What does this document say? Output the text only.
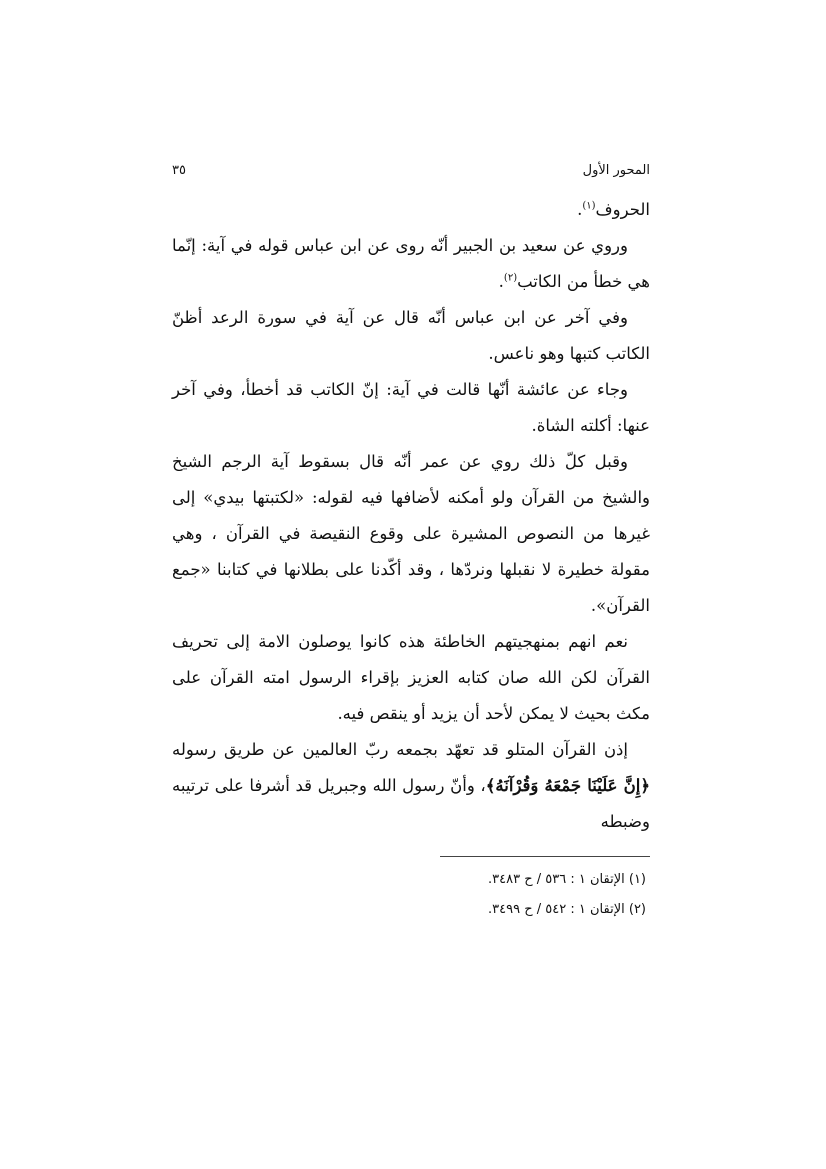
المحور الأول
٣٥

الحروف$^{(١)}$.

وروي عن سعيد بن الجبير أنّه روى عن ابن عباس قوله في آية: إنّما هي خطأ من الكاتب$^{(٢)}$.

وفي آخر عن ابن عباس أنّه قال عن آية في سورة الرعد أظنّ الكاتب كتبها وهو ناعس.

وجاء عن عائشة أنّها قالت في آية: إنّ الكاتب قد أخطأ، وفي آخر عنها: أكلته الشاة.

وقبل كلّ ذلك روي عن عمر أنّه قال بسقوط آية الرجم الشيخ والشيخ من القرآن ولو أمكنه لأضافها فيه لقوله: «لكتبتها بيدي» إلى غيرها من النصوص المشيرة على وقوع النقيصة في القرآن ، وهي مقولة خطيرة لا نقبلها ونردّها ، وقد أكّدنا على بطلانها في كتابنا «جمع القرآن».

نعم انهم بمنهجيتهم الخاطئة هذه كانوا يوصلون الامة إلى تحريف القرآن لكن الله صان كتابه العزيز بإقراء الرسول امته القرآن على مكث بحيث لا يمكن لأحد أن يزيد أو ينقص فيه.

إذن القرآن المتلو قد تعهّد بجمعه ربّ العالمين عن طريق رسوله ﴿إِنَّ عَلَيْنَا جَمْعَهُ وَقُرْآنَهُ﴾، وأنّ رسول الله وجبريل قد أشرفا على ترتيبه وضبطه

(١) الإتقان ١ : ٥٣٦ / ح ٣٤٨٣.

(٢) الإتقان ١ : ٥٤٢ / ح ٣٤٩٩.
